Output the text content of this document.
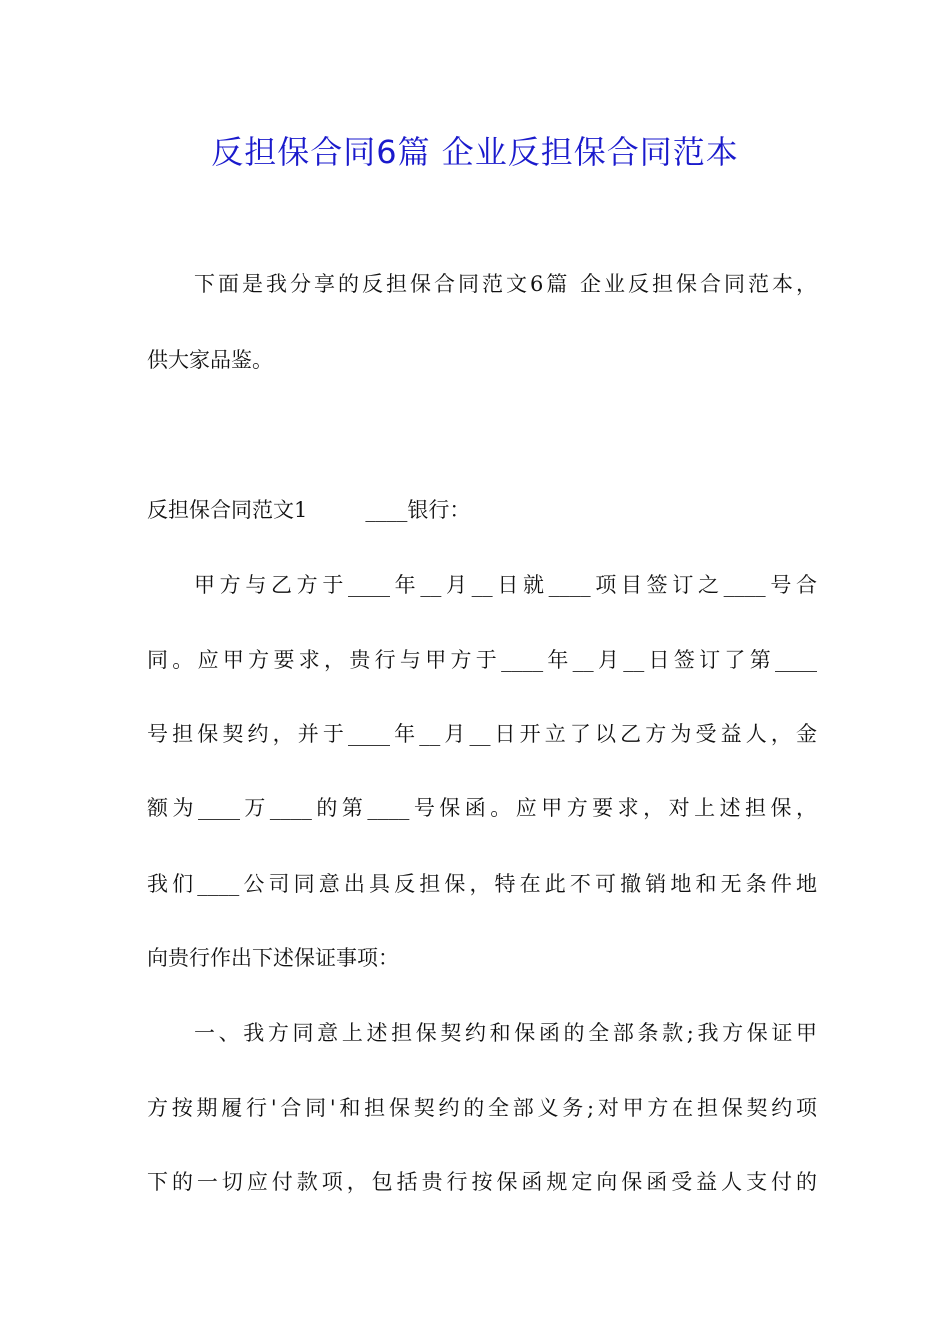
反担保合同6篇 企业反担保合同范本

下面是我分享的反担保合同范文6篇 企业反担保合同范本，

供大家品鉴。

反担保合同范文1	____银行：

甲方与乙方于____年__月__日就____项目签订之____号合

同。应甲方要求，贵行与甲方于____年__月__日签订了第____

号担保契约，并于____年__月__日开立了以乙方为受益人，金

额为____万____的第____号保函。应甲方要求，对上述担保，

我们____公司同意出具反担保，特在此不可撤销地和无条件地

向贵行作出下述保证事项：

一、我方同意上述担保契约和保函的全部条款;我方保证甲

方按期履行'合同'和担保契约的全部义务;对甲方在担保契约项

下的一切应付款项，包括贵行按保函规定向保函受益人支付的
